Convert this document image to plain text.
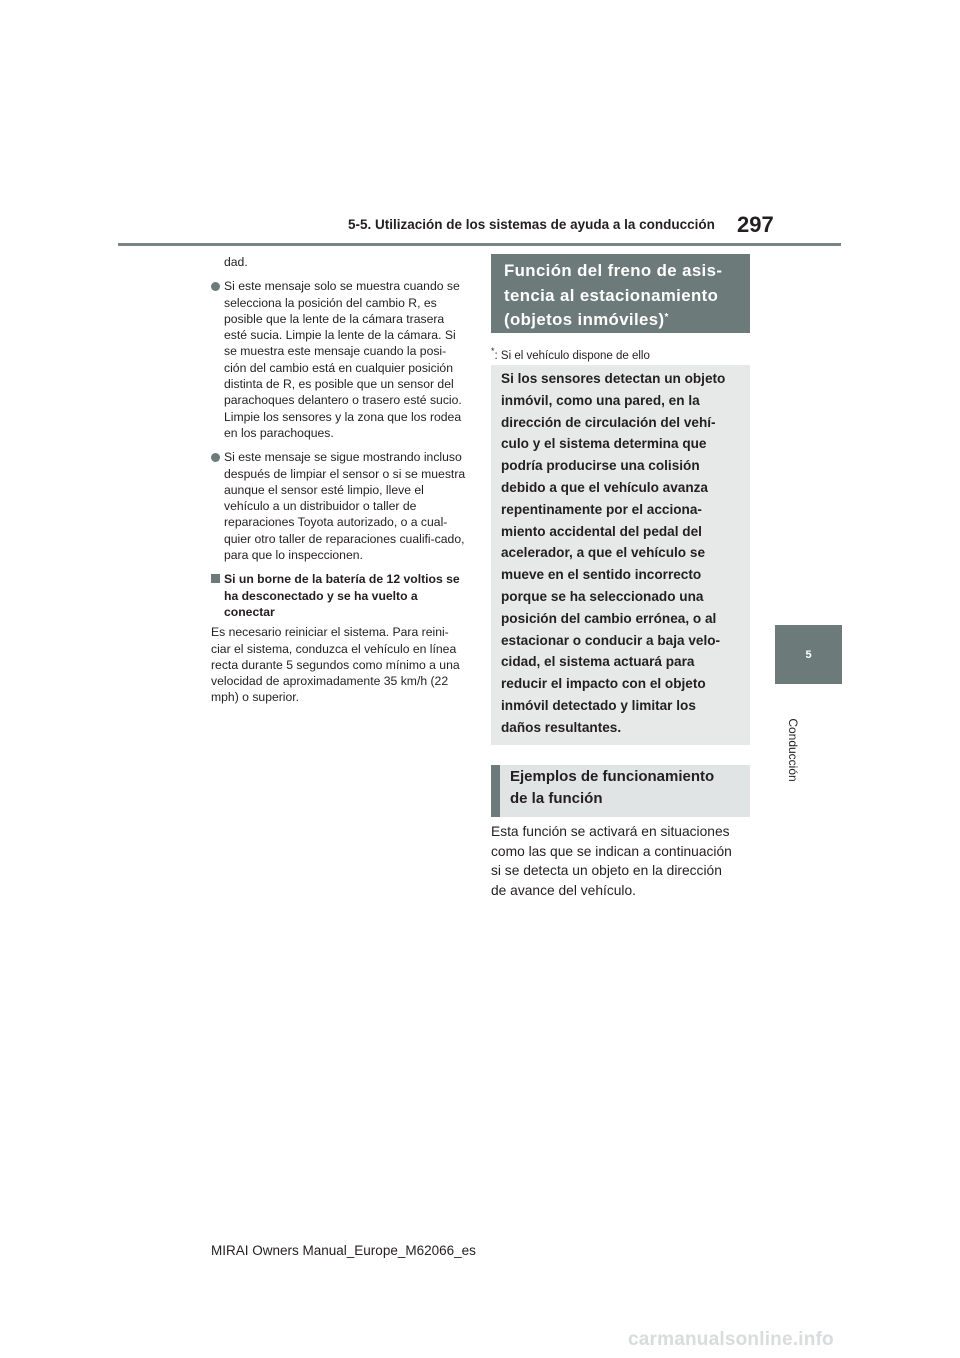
5-5. Utilización de los sistemas de ayuda a la conducción 297
5
Conducción

dad.

Si este mensaje solo se muestra cuando se selecciona la posición del cambio R, es posible que la lente de la cámara trasera esté sucia. Limpie la lente de la cámara. Si se muestra este mensaje cuando la posi-ción del cambio está en cualquier posición distinta de R, es posible que un sensor del parachoques delantero o trasero esté sucio. Limpie los sensores y la zona que los rodea en los parachoques.

Si este mensaje se sigue mostrando incluso después de limpiar el sensor o si se muestra aunque el sensor esté limpio, lleve el vehículo a un distribuidor o taller de reparaciones Toyota autorizado, o a cual-quier otro taller de reparaciones cualifi-cado, para que lo inspeccionen.

Si un borne de la batería de 12 voltios se ha desconectado y se ha vuelto a conectar

Es necesario reiniciar el sistema. Para reini-ciar el sistema, conduzca el vehículo en línea recta durante 5 segundos como mínimo a una velocidad de aproximadamente 35 km/h (22 mph) o superior.

Función del freno de asis-
tencia al estacionamiento
(objetos inmóviles)*
*: Si el vehículo dispone de ello
Si los sensores detectan un objeto
inmóvil, como una pared, en la
dirección de circulación del vehí-
culo y el sistema determina que
podría producirse una colisión
debido a que el vehículo avanza
repentinamente por el acciona-
miento accidental del pedal del
acelerador, a que el vehículo se
mueve en el sentido incorrecto
porque se ha seleccionado una
posición del cambio errónea, o al
estacionar o conducir a baja velo-
cidad, el sistema actuará para
reducir el impacto con el objeto
inmóvil detectado y limitar los
daños resultantes.
Ejemplos de funcionamiento
de la función
Esta función se activará en situaciones
como las que se indican a continuación
si se detecta un objeto en la dirección
de avance del vehículo.
MIRAI Owners Manual_Europe_M62066_es
carmanualsonline.info
